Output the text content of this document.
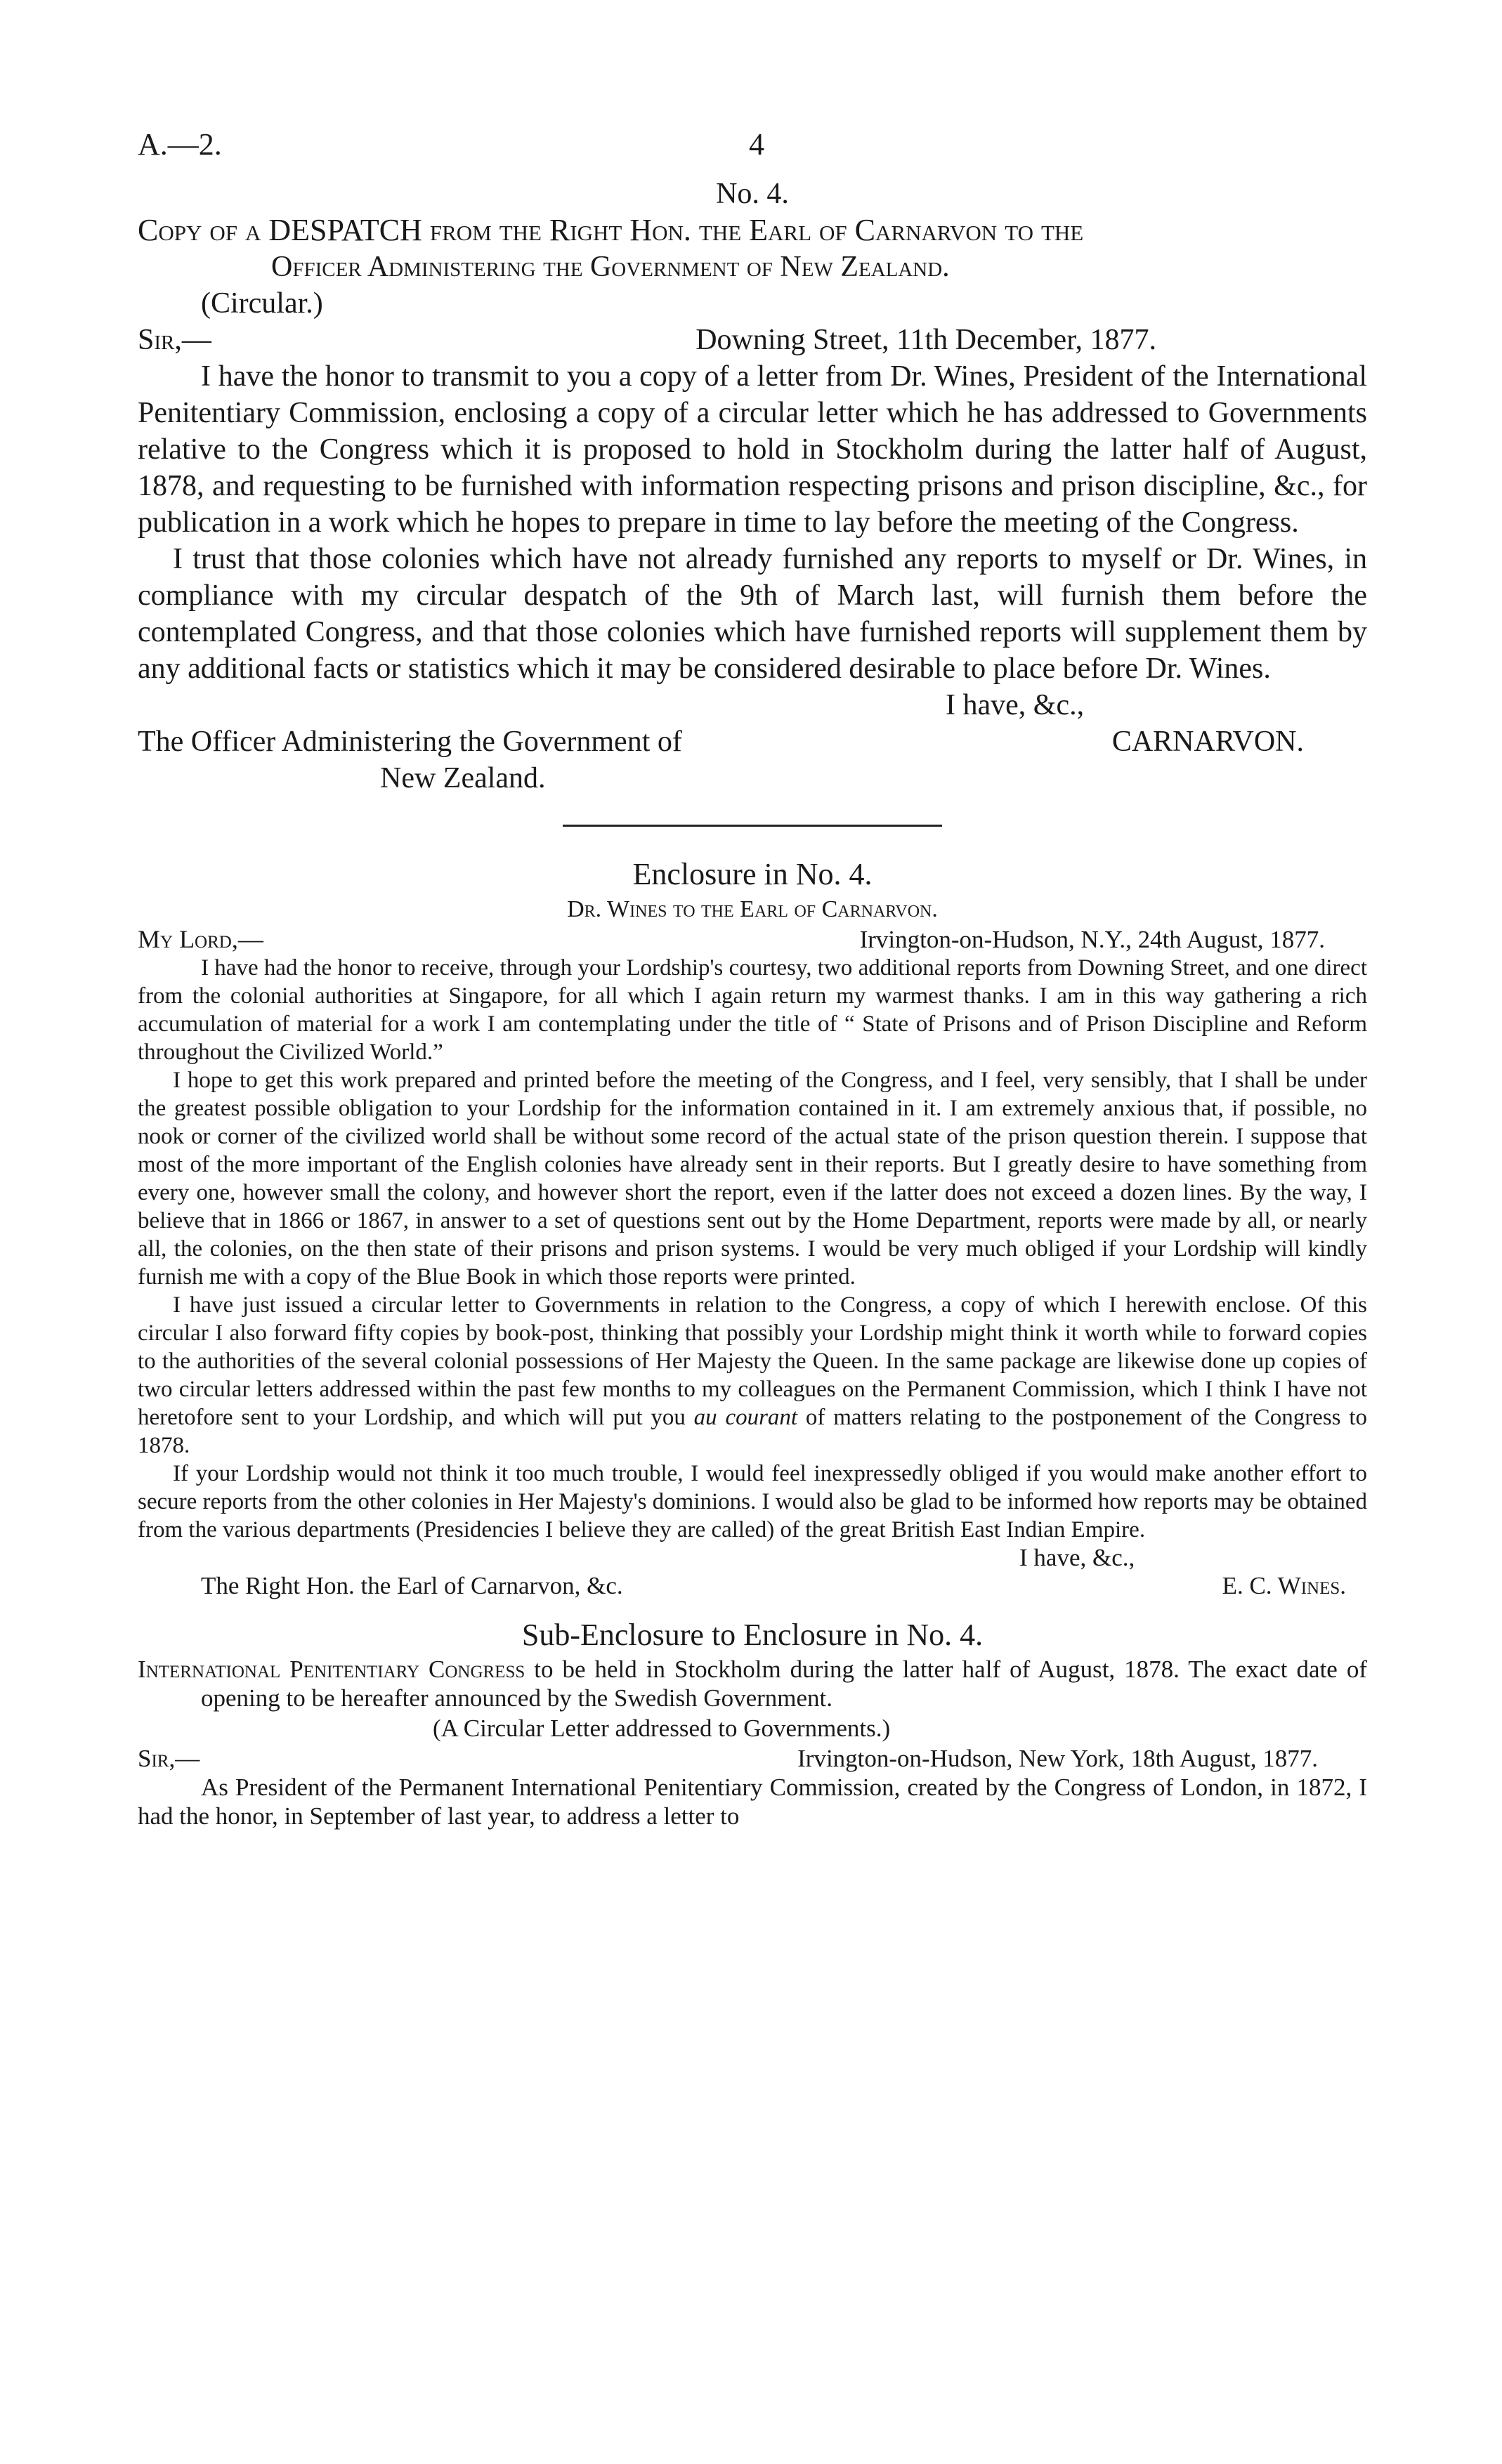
A.—2.	4

No. 4.

Copy of a DESPATCH from the Right Hon. the Earl of Carnarvon to the

Officer Administering the Government of New Zealand.

(Circular.)

Sir,—	Downing Street, 11th December, 1877.

I have the honor to transmit to you a copy of a letter from Dr. Wines, President of the International Penitentiary Commission, enclosing a copy of a circular letter which he has addressed to Governments relative to the Congress which it is proposed to hold in Stockholm during the latter half of August, 1878, and requesting to be furnished with information respecting prisons and prison discipline, &c., for publication in a work which he hopes to prepare in time to lay before the meeting of the Congress.

I trust that those colonies which have not already furnished any reports to myself or Dr. Wines, in compliance with my circular despatch of the 9th of March last, will furnish them before the contemplated Congress, and that those colonies which have furnished reports will supplement them by any additional facts or statistics which it may be considered desirable to place before Dr. Wines.

I have, &c.,

The Officer Administering the Government of	CARNARVON.

New Zealand.

Enclosure in No. 4.

Dr. Wines to the Earl of Carnarvon.

My Lord,—	Irvington-on-Hudson, N.Y., 24th August, 1877.

I have had the honor to receive, through your Lordship's courtesy, two additional reports from Downing Street, and one direct from the colonial authorities at Singapore, for all which I again return my warmest thanks. I am in this way gathering a rich accumulation of material for a work I am contemplating under the title of “ State of Prisons and of Prison Discipline and Reform throughout the Civilized World.”

I hope to get this work prepared and printed before the meeting of the Congress, and I feel, very sensibly, that I shall be under the greatest possible obligation to your Lordship for the information contained in it. I am extremely anxious that, if possible, no nook or corner of the civilized world shall be without some record of the actual state of the prison question therein. I suppose that most of the more important of the English colonies have already sent in their reports. But I greatly desire to have something from every one, however small the colony, and however short the report, even if the latter does not exceed a dozen lines. By the way, I believe that in 1866 or 1867, in answer to a set of questions sent out by the Home Department, reports were made by all, or nearly all, the colonies, on the then state of their prisons and prison systems. I would be very much obliged if your Lordship will kindly furnish me with a copy of the Blue Book in which those reports were printed.

I have just issued a circular letter to Governments in relation to the Congress, a copy of which I herewith enclose. Of this circular I also forward fifty copies by book-post, thinking that possibly your Lordship might think it worth while to forward copies to the authorities of the several colonial possessions of Her Majesty the Queen. In the same package are likewise done up copies of two circular letters addressed within the past few months to my colleagues on the Permanent Commission, which I think I have not heretofore sent to your Lordship, and which will put you au courant of matters relating to the postponement of the Congress to 1878.

If your Lordship would not think it too much trouble, I would feel inexpressedly obliged if you would make another effort to secure reports from the other colonies in Her Majesty's dominions. I would also be glad to be informed how reports may be obtained from the various departments (Presidencies I believe they are called) of the great British East Indian Empire.

I have, &c.,

The Right Hon. the Earl of Carnarvon, &c.	E. C. Wines.

Sub-Enclosure to Enclosure in No. 4.

International Penitentiary Congress to be held in Stockholm during the latter half of August, 1878. The exact date of opening to be hereafter announced by the Swedish Government.

(A Circular Letter addressed to Governments.)

Sir,—	Irvington-on-Hudson, New York, 18th August, 1877.

As President of the Permanent International Penitentiary Commission, created by the Congress of London, in 1872, I had the honor, in September of last year, to address a letter to
